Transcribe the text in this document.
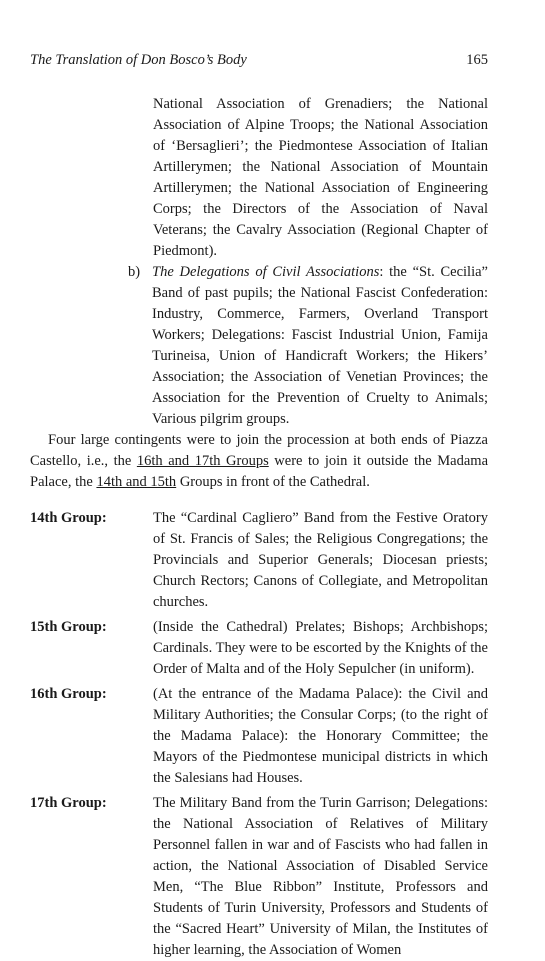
The Translation of Don Bosco’s Body	165
National Association of Grenadiers; the National Association of Alpine Troops; the National Association of ‘Bersaglieri’; the Piedmontese Association of Italian Artillerymen; the National Association of Mountain Artillerymen; the National Association of Engineering Corps; the Directors of the Association of Naval Veterans; the Cavalry Association (Regional Chapter of Piedmont).
b) The Delegations of Civil Associations: the “St. Cecilia” Band of past pupils; the National Fascist Confederation: Industry, Commerce, Farmers, Overland Transport Workers; Delegations: Fascist Industrial Union, Famija Turineisa, Union of Handicraft Workers; the Hikers’ Association; the Association of Venetian Provinces; the Association for the Prevention of Cruelty to Animals; Various pilgrim groups.

Four large contingents were to join the procession at both ends of Piazza Castello, i.e., the 16th and 17th Groups were to join it outside the Madama Palace, the 14th and 15th Groups in front of the Cathedral.

14th Group:	The “Cardinal Cagliero” Band from the Festive Oratory of St. Francis of Sales; the Religious Congregations; the Provincials and Superior Generals; Diocesan priests; Church Rectors; Canons of Collegiate, and Metropolitan churches.
15th Group:	(Inside the Cathedral) Prelates; Bishops; Archbishops; Cardinals. They were to be escorted by the Knights of the Order of Malta and of the Holy Sepulcher (in uniform).
16th Group:	(At the entrance of the Madama Palace): the Civil and Military Authorities; the Consular Corps; (to the right of the Madama Palace): the Honorary Committee; the Mayors of the Piedmontese municipal districts in which the Salesians had Houses.
17th Group:	The Military Band from the Turin Garrison; Delegations: the National Association of Relatives of Military Personnel fallen in war and of Fascists who had fallen in action, the National Association of Disabled Service Men, “The Blue Ribbon” Institute, Professors and Students of Turin University, Professors and Students of the “Sacred Heart” University of Milan, the Institutes of higher learning, the Association of Women
